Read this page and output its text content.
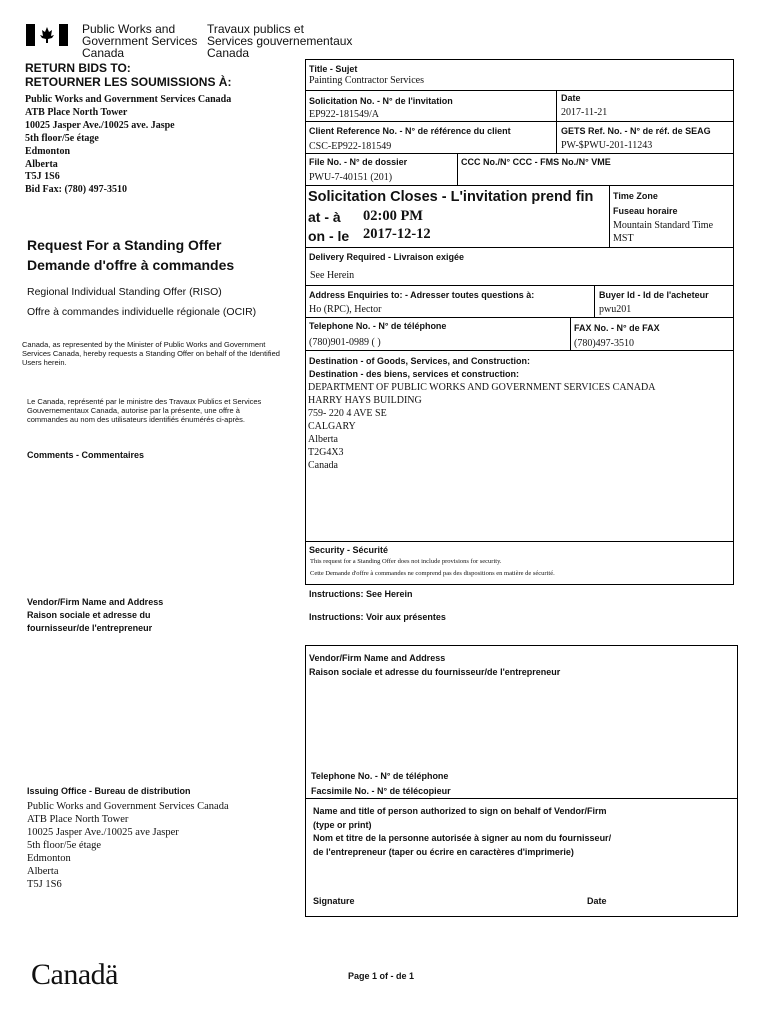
Public Works and
Government Services
Canada
Travaux publics et
Services gouvernementaux
Canada
RETURN BIDS TO:
RETOURNER LES SOUMISSIONS À:
Public Works and Government Services Canada
ATB Place North Tower
10025 Jasper Ave./10025 ave. Jaspe
5th floor/5e étage
Edmonton
Alberta
T5J 1S6
Bid Fax: (780) 497-3510
Request For a Standing Offer
Demande d'offre à commandes
Regional Individual Standing Offer (RISO)
Offre à commandes individuelle régionale (OCIR)
Canada, as represented by the Minister of Public Works and Government Services Canada, hereby requests a Standing Offer on behalf of the Identified Users herein.
Le Canada, représenté par le ministre des Travaux Publics et Services Gouvernementaux Canada, autorise par la présente, une offre à commandes au nom des utilisateurs identifiés énumérés ci-après.
Comments - Commentaires
Vendor/Firm Name and Address
Raison sociale et adresse du
fournisseur/de l'entrepreneur
Issuing Office - Bureau de distribution
Public Works and Government Services Canada
ATB Place North Tower
10025 Jasper Ave./10025 ave Jasper
5th floor/5e étage
Edmonton
Alberta
T5J 1S6
Title - Sujet
Painting Contractor Services
Solicitation No. - N° de l'invitation
EP922-181549/A
Date
2017-11-21
Client Reference No. - N° de référence du client
CSC-EP922-181549
GETS Ref. No. - N° de réf. de SEAG
PW-$PWU-201-11243
File No. - N° de dossier
PWU-7-40151 (201)
CCC No./N° CCC - FMS No./N° VME
Solicitation Closes - L'invitation prend fin
at - à 02:00 PM
on - le 2017-12-12
Time Zone
Fuseau horaire
Mountain Standard Time
MST
Delivery Required - Livraison exigée
See Herein
Address Enquiries to: - Adresser toutes questions à:
Ho (RPC), Hector
Buyer Id - Id de l'acheteur
pwu201
Telephone No. - N° de téléphone
(780)901-0989 ( )
FAX No. - N° de FAX
(780)497-3510
Destination - of Goods, Services, and Construction:
Destination - des biens, services et construction:
DEPARTMENT OF PUBLIC WORKS AND GOVERNMENT SERVICES CANADA
HARRY HAYS BUILDING
759- 220 4 AVE SE
CALGARY
Alberta
T2G4X3
Canada
Security - Sécurité
This request for a Standing Offer does not include provisions for security.
Cette Demande d'offre à commandes ne comprend pas des dispositions en matière de sécurité.
Instructions: See Herein
Instructions: Voir aux présentes
Vendor/Firm Name and Address
Raison sociale et adresse du fournisseur/de l'entrepreneur
Telephone No. - N° de téléphone
Facsimile No. - N° de télécopieur
Name and title of person authorized to sign on behalf of Vendor/Firm
(type or print)
Nom et titre de la personne autorisée à signer au nom du fournisseur/
de l'entrepreneur (taper ou écrire en caractères d'imprimerie)
Signature	Date
Canadä	Page 1 of - de 1
